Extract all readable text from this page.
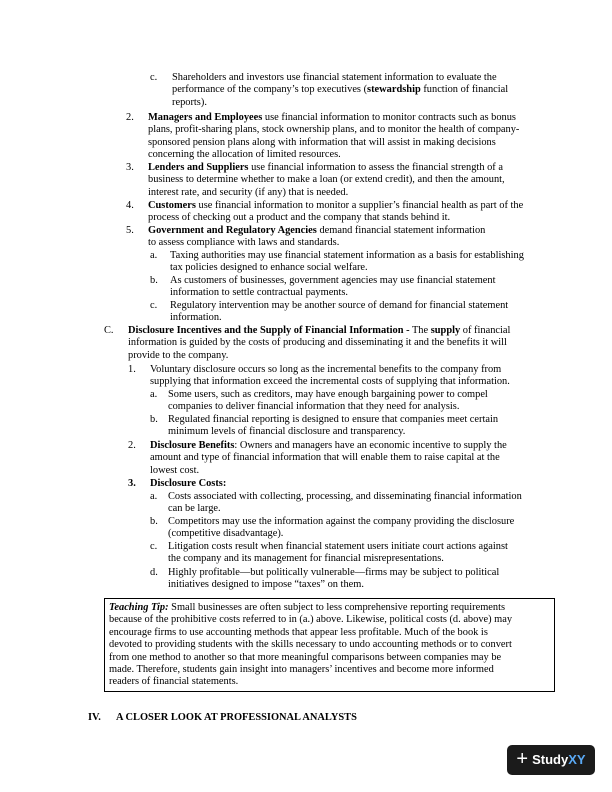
c. Shareholders and investors use financial statement information to evaluate the
performance of the company’s top executives (stewardship function of financial
reports).
2. Managers and Employees use financial information to monitor contracts such as bonus
plans, profit-sharing plans, stock ownership plans, and to monitor the health of company-
sponsored pension plans along with information that will assist in making decisions
concerning the allocation of limited resources.
3. Lenders and Suppliers use financial information to assess the financial strength of a
business to determine whether to make a loan (or extend credit), and then the amount,
interest rate, and security (if any) that is needed.
4. Customers use financial information to monitor a supplier’s financial health as part of the
process of checking out a product and the company that stands behind it.
5. Government and Regulatory Agencies demand financial statement information
to assess compliance with laws and standards.
a. Taxing authorities may use financial statement information as a basis for establishing
tax policies designed to enhance social welfare.
b. As customers of businesses, government agencies may use financial statement
information to settle contractual payments.
c. Regulatory intervention may be another source of demand for financial statement
information.
C. Disclosure Incentives and the Supply of Financial Information - The supply of financial
information is guided by the costs of producing and disseminating it and the benefits it will
provide to the company.
1. Voluntary disclosure occurs so long as the incremental benefits to the company from
supplying that information exceed the incremental costs of supplying that information.
a. Some users, such as creditors, may have enough bargaining power to compel
companies to deliver financial information that they need for analysis.
b. Regulated financial reporting is designed to ensure that companies meet certain
minimum levels of financial disclosure and transparency.
2. Disclosure Benefits: Owners and managers have an economic incentive to supply the
amount and type of financial information that will enable them to raise capital at the
lowest cost.
3. Disclosure Costs:
a. Costs associated with collecting, processing, and disseminating financial information
can be large.
b. Competitors may use the information against the company providing the disclosure
(competitive disadvantage).
c. Litigation costs result when financial statement users initiate court actions against
the company and its management for financial misrepresentations.
d. Highly profitable—but politically vulnerable—firms may be subject to political
initiatives designed to impose “taxes” on them.
Teaching Tip: Small businesses are often subject to less comprehensive reporting requirements
because of the prohibitive costs referred to in (a.) above. Likewise, political costs (d. above) may
encourage firms to use accounting methods that appear less profitable. Much of the book is
devoted to providing students with the skills necessary to undo accounting methods or to convert
from one method to another so that more meaningful comparisons between companies may be
made. Therefore, students gain insight into managers’ incentives and become more informed
readers of financial statements.
IV. A CLOSER LOOK AT PROFESSIONAL ANALYSTS
+ StudyXY
